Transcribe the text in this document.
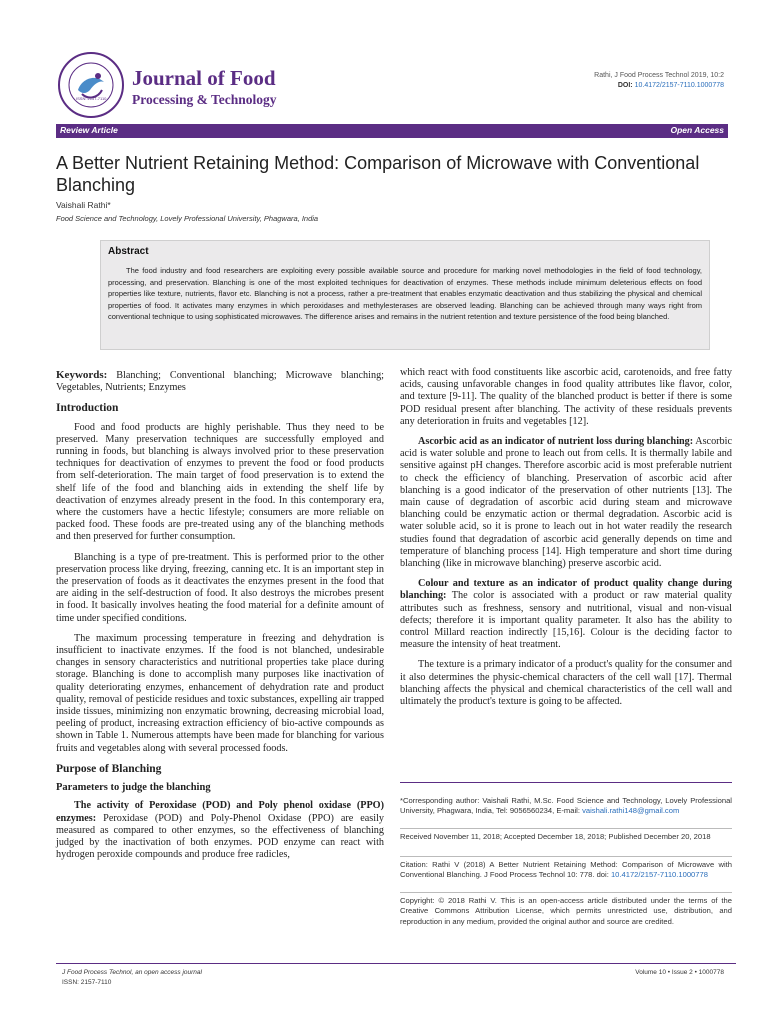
ISSN: 2157-7110
Journal of Food
Processing & Technology
Rathi, J Food Process Technol 2019, 10:2
DOI: 10.4172/2157-7110.1000778
Review Article	Open Access
A Better Nutrient Retaining Method: Comparison of Microwave with Conventional Blanching
Vaishali Rathi*
Food Science and Technology, Lovely Professional University, Phagwara, India
Abstract
The food industry and food researchers are exploiting every possible available source and procedure for marking novel methodologies in the field of food technology, processing, and preservation. Blanching is one of the most exploited techniques for deactivation of enzymes. These methods include minimum deleterious effects on food properties like texture, nutrients, flavor etc. Blanching is not a process, rather a pre-treatment that enables enzymatic deactivation and thus stabilizing the physical and chemical properties of food. It activates many enzymes in which peroxidases and methylesterases are observed leading. Blanching can be achieved through many ways right from conventional technique to using sophisticated microwaves. The difference arises and remains in the nutrient retention and texture persistence of the food being blanched.

Keywords: Blanching; Conventional blanching; Microwave blanching; Vegetables, Nutrients; Enzymes

Introduction

Food and food products are highly perishable. Thus they need to be preserved. Many preservation techniques are successfully employed and running in foods, but blanching is always involved prior to these preservation techniques for deactivation of enzymes to prevent the food or food products from self-deterioration. The main target of food preservation is to extend the shelf life of the food and blanching aids in extending the shelf life by deactivation of enzymes already present in the food. In this contemporary era, where the customers have a hectic lifestyle; consumers are more reliable on packed food. These foods are pre-treated using any of the blanching methods and then preserved for further consumption.

Blanching is a type of pre-treatment. This is performed prior to the other preservation process like drying, freezing, canning etc. It is an important step in the preservation of foods as it deactivates the enzymes present in the food that are aiding in the self-destruction of food. It also destroys the microbes present in food. It basically involves heating the food material for a definite amount of time under specified conditions.

The maximum processing temperature in freezing and dehydration is insufficient to inactivate enzymes. If the food is not blanched, undesirable changes in sensory characteristics and nutritional properties take place during storage. Blanching is done to accomplish many purposes like inactivation of quality deteriorating enzymes, enhancement of dehydration rate and product quality, removal of pesticide residues and toxic substances, expelling air trapped inside tissues, minimizing non enzymatic browning, decreasing microbial load, peeling of product, increasing extraction efficiency of bio-active compounds as shown in Table 1. Numerous attempts have been made for blanching for various fruits and vegetables along with several processed foods.

Purpose of Blanching
Parameters to judge the blanching

The activity of Peroxidase (POD) and Poly phenol oxidase (PPO) enzymes: Peroxidase (POD) and Poly-Phenol Oxidase (PPO) are easily measured as compared to other enzymes, so the effectiveness of blanching judged by the inactivation of both enzymes. POD enzyme can react with hydrogen peroxide compounds and produce free radicles,

which react with food constituents like ascorbic acid, carotenoids, and free fatty acids, causing unfavorable changes in food quality attributes like flavor, color, and texture [9-11]. The quality of the blanched product is better if there is some POD residual present after blanching. The activity of these residuals prevents any deterioration in fruits and vegetables [12].

Ascorbic acid as an indicator of nutrient loss during blanching: Ascorbic acid is water soluble and prone to leach out from cells. It is thermally labile and sensitive against pH changes. Therefore ascorbic acid is most preferable nutrient to check the efficiency of blanching. Preservation of ascorbic acid after blanching is a good indicator of the preservation of other nutrients [13]. The main cause of degradation of ascorbic acid during steam and microwave blanching could be enzymatic action or thermal degradation. Ascorbic acid is water soluble acid, so it is prone to leach out in hot water readily the research studies found that degradation of ascorbic acid generally depends on time and temperature of blanching process [14]. High temperature and short time during blanching (like in microwave blanching) preserve ascorbic acid.

Colour and texture as an indicator of product quality change during blanching: The color is associated with a product or raw material quality attributes such as freshness, sensory and nutritional, visual and non-visual defects; therefore it is important quality parameter. It also has the ability to control Millard reaction indirectly [15,16]. Colour is the deciding factor to measure the intensity of heat treatment.

The texture is a primary indicator of a product's quality for the consumer and it also determines the physic-chemical characters of the cell wall [17]. Thermal blanching affects the physical and chemical characteristics of the cell wall and ultimately the product's texture is going to be affected.

*Corresponding author: Vaishali Rathi, M.Sc. Food Science and Technology, Lovely Professional University, Phagwara, India, Tel: 9056560234, E-mail: vaishali.rathi148@gmail.com
Received November 11, 2018; Accepted December 18, 2018; Published December 20, 2018
Citation: Rathi V (2018) A Better Nutrient Retaining Method: Comparison of Microwave with Conventional Blanching. J Food Process Technol 10: 778. doi: 10.4172/2157-7110.1000778
Copyright: © 2018 Rathi V. This is an open-access article distributed under the terms of the Creative Commons Attribution License, which permits unrestricted use, distribution, and reproduction in any medium, provided the original author and source are credited.
J Food Process Technol, an open access journal
ISSN: 2157-7110
Volume 10 • Issue 2 • 1000778
